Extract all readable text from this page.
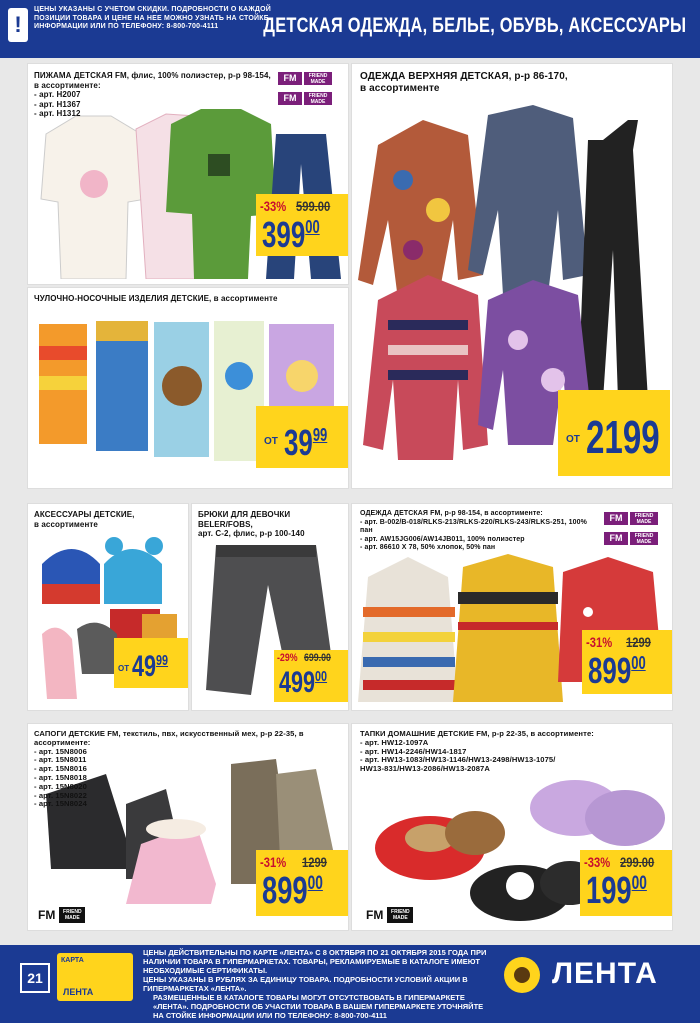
!
ЦЕНЫ УКАЗАНЫ С УЧЕТОМ СКИДКИ. ПОДРОБНОСТИ О КАЖДОЙ ПОЗИЦИИ ТОВАРА И ЦЕНЕ НА НЕЕ МОЖНО УЗНАТЬ НА СТОЙКЕ ИНФОРМАЦИИ ИЛИ ПО ТЕЛЕФОНУ: 8-800-700-4111	ДЕТСКАЯ ОДЕЖДА, БЕЛЬЕ, ОБУВЬ, АКСЕССУАРЫ
ПИЖАМА ДЕТСКАЯ FM, флис, 100% полиэстер, р-р 98-154,
в ассортименте:
- арт. H2007
- арт. H1367
- арт. H1312
FM	FRIEND MADE
FM	FRIEND MADE
-33% 599.00
$399^{00}$
ЧУЛОЧНО-НОСОЧНЫЕ ИЗДЕЛИЯ ДЕТСКИЕ, в ассортименте
ОТ $39^{99}$
ОДЕЖДА ВЕРХНЯЯ ДЕТСКАЯ, р-р 86-170,
в ассортименте
ОТ 2199
АКСЕССУАРЫ ДЕТСКИЕ,
в ассортименте
ОТ $49^{99}$
БРЮКИ ДЛЯ ДЕВОЧКИ BELER/FOBS,
арт. С-2, флис, р-р 100-140
-29% 699.00
$499^{00}$
ОДЕЖДА ДЕТСКАЯ FM, р-р 98-154, в ассортименте:
- арт. В-002/В-018/RLKS-213/RLKS-220/RLKS-243/RLKS-251, 100% пан
- арт. AW15JG006/AW14JB011, 100% полиэстер
- арт. 86610 Х 78, 50% хлопок, 50% пан
FM	FRIEND MADE
FM	FRIEND MADE
-31% 1299
$899^{00}$
САПОГИ ДЕТСКИЕ FM, текстиль, пвх, искусственный мех, р-р 22-35, в ассортименте:
- арт. 15N8006
- арт. 15N8011
- арт. 15N8016
- арт. 15N8018
- арт. 15N8020
- арт. 15N8022
- арт. 15N8024
FM	FRIEND MADE
-31% 1299
$899^{00}$
ТАПКИ ДОМАШНИЕ ДЕТСКИЕ FM, р-р 22-35, в ассортименте:
- арт. HW12-1097A
- арт. HW14-2246/HW14-1817
- арт. HW13-1083/HW13-1146/HW13-2498/HW13-1075/
HW13-831/HW13-2086/HW13-2087A
FM	FRIEND MADE
-33% 299.00
$199^{00}$
21
КАРТА
ЛЕНТА
ЦЕНЫ ДЕЙСТВИТЕЛЬНЫ ПО КАРТЕ «ЛЕНТА» С 8 ОКТЯБРЯ ПО 21 ОКТЯБРЯ 2015 ГОДА ПРИ НАЛИЧИИ ТОВАРА В ГИПЕРМАРКЕТАХ. ТОВАРЫ, РЕКЛАМИРУЕМЫЕ В КАТАЛОГЕ ИМЕЮТ НЕОБХОДИМЫЕ СЕРТИФИКАТЫ.
ЦЕНЫ УКАЗАНЫ В РУБЛЯХ ЗА ЕДИНИЦУ ТОВАРА. ПОДРОБНОСТИ УСЛОВИЙ АКЦИИ В ГИПЕРМАРКЕТАХ «ЛЕНТА».
РАЗМЕЩЕННЫЕ В КАТАЛОГЕ ТОВАРЫ МОГУТ ОТСУТСТВОВАТЬ В ГИПЕРМАРКЕТЕ «ЛЕНТА». ПОДРОБНОСТИ ОБ УЧАСТИИ ТОВАРА В ВАШЕМ ГИПЕРМАРКЕТЕ УТОЧНЯЙТЕ НА СТОЙКЕ ИНФОРМАЦИИ ИЛИ ПО ТЕЛЕФОНУ: 8-800-700-4111
ЛЕНТА
